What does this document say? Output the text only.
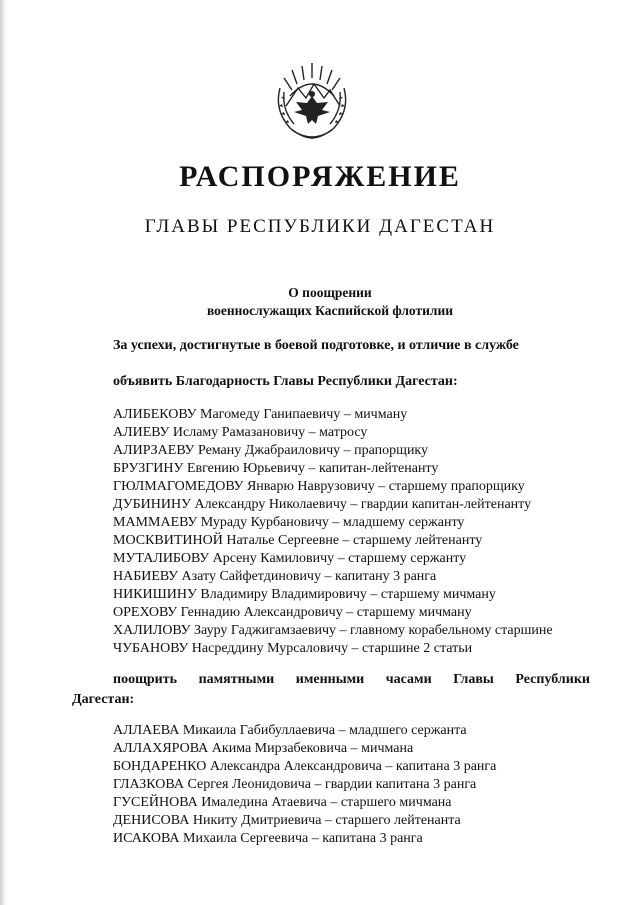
РАСПОРЯЖЕНИЕ
ГЛАВЫ РЕСПУБЛИКИ ДАГЕСТАН
О поощрении
военнослужащих Каспийской флотилии
За успехи, достигнутые в боевой подготовке, и отличие в службе
объявить Благодарность Главы Республики Дагестан:
АЛИБЕКОВУ Магомеду Ганипаевичу – мичману
АЛИЕВУ Исламу Рамазановичу – матросу
АЛИРЗАЕВУ Реману Джабраиловичу – прапорщику
БРУЗГИНУ Евгению Юрьевичу – капитан-лейтенанту
ГЮЛМАГОМЕДОВУ Январю Наврузовичу – старшему прапорщику
ДУБИНИНУ Александру Николаевичу – гвардии капитан-лейтенанту
МАММАЕВУ Мураду Курбановичу – младшему сержанту
МОСКВИТИНОЙ Наталье Сергеевне – старшему лейтенанту
МУТАЛИБОВУ Арсену Камиловичу – старшему сержанту
НАБИЕВУ Азату Сайфетдиновичу – капитану 3 ранга
НИКИШИНУ Владимиру Владимировичу – старшему мичману
ОРЕХОВУ Геннадию Александровичу – старшему мичману
ХАЛИЛОВУ Зауру Гаджигамзаевичу – главному корабельному старшине
ЧУБАНОВУ Насреддину Мурсаловичу – старшине 2 статьи
поощрить памятными именными часами Главы Республики
Дагестан:
АЛЛАЕВА Микаила Габибуллаевича – младшего сержанта
АЛЛАХЯРОВА Акима Мирзабековича – мичмана
БОНДАРЕНКО Александра Александровича – капитана 3 ранга
ГЛАЗКОВА Сергея Леонидовича – гвардии капитана 3 ранга
ГУСЕЙНОВА Ималедина Атаевича – старшего мичмана
ДЕНИСОВА Никиту Дмитриевича – старшего лейтенанта
ИСАКОВА Михаила Сергеевича – капитана 3 ранга
